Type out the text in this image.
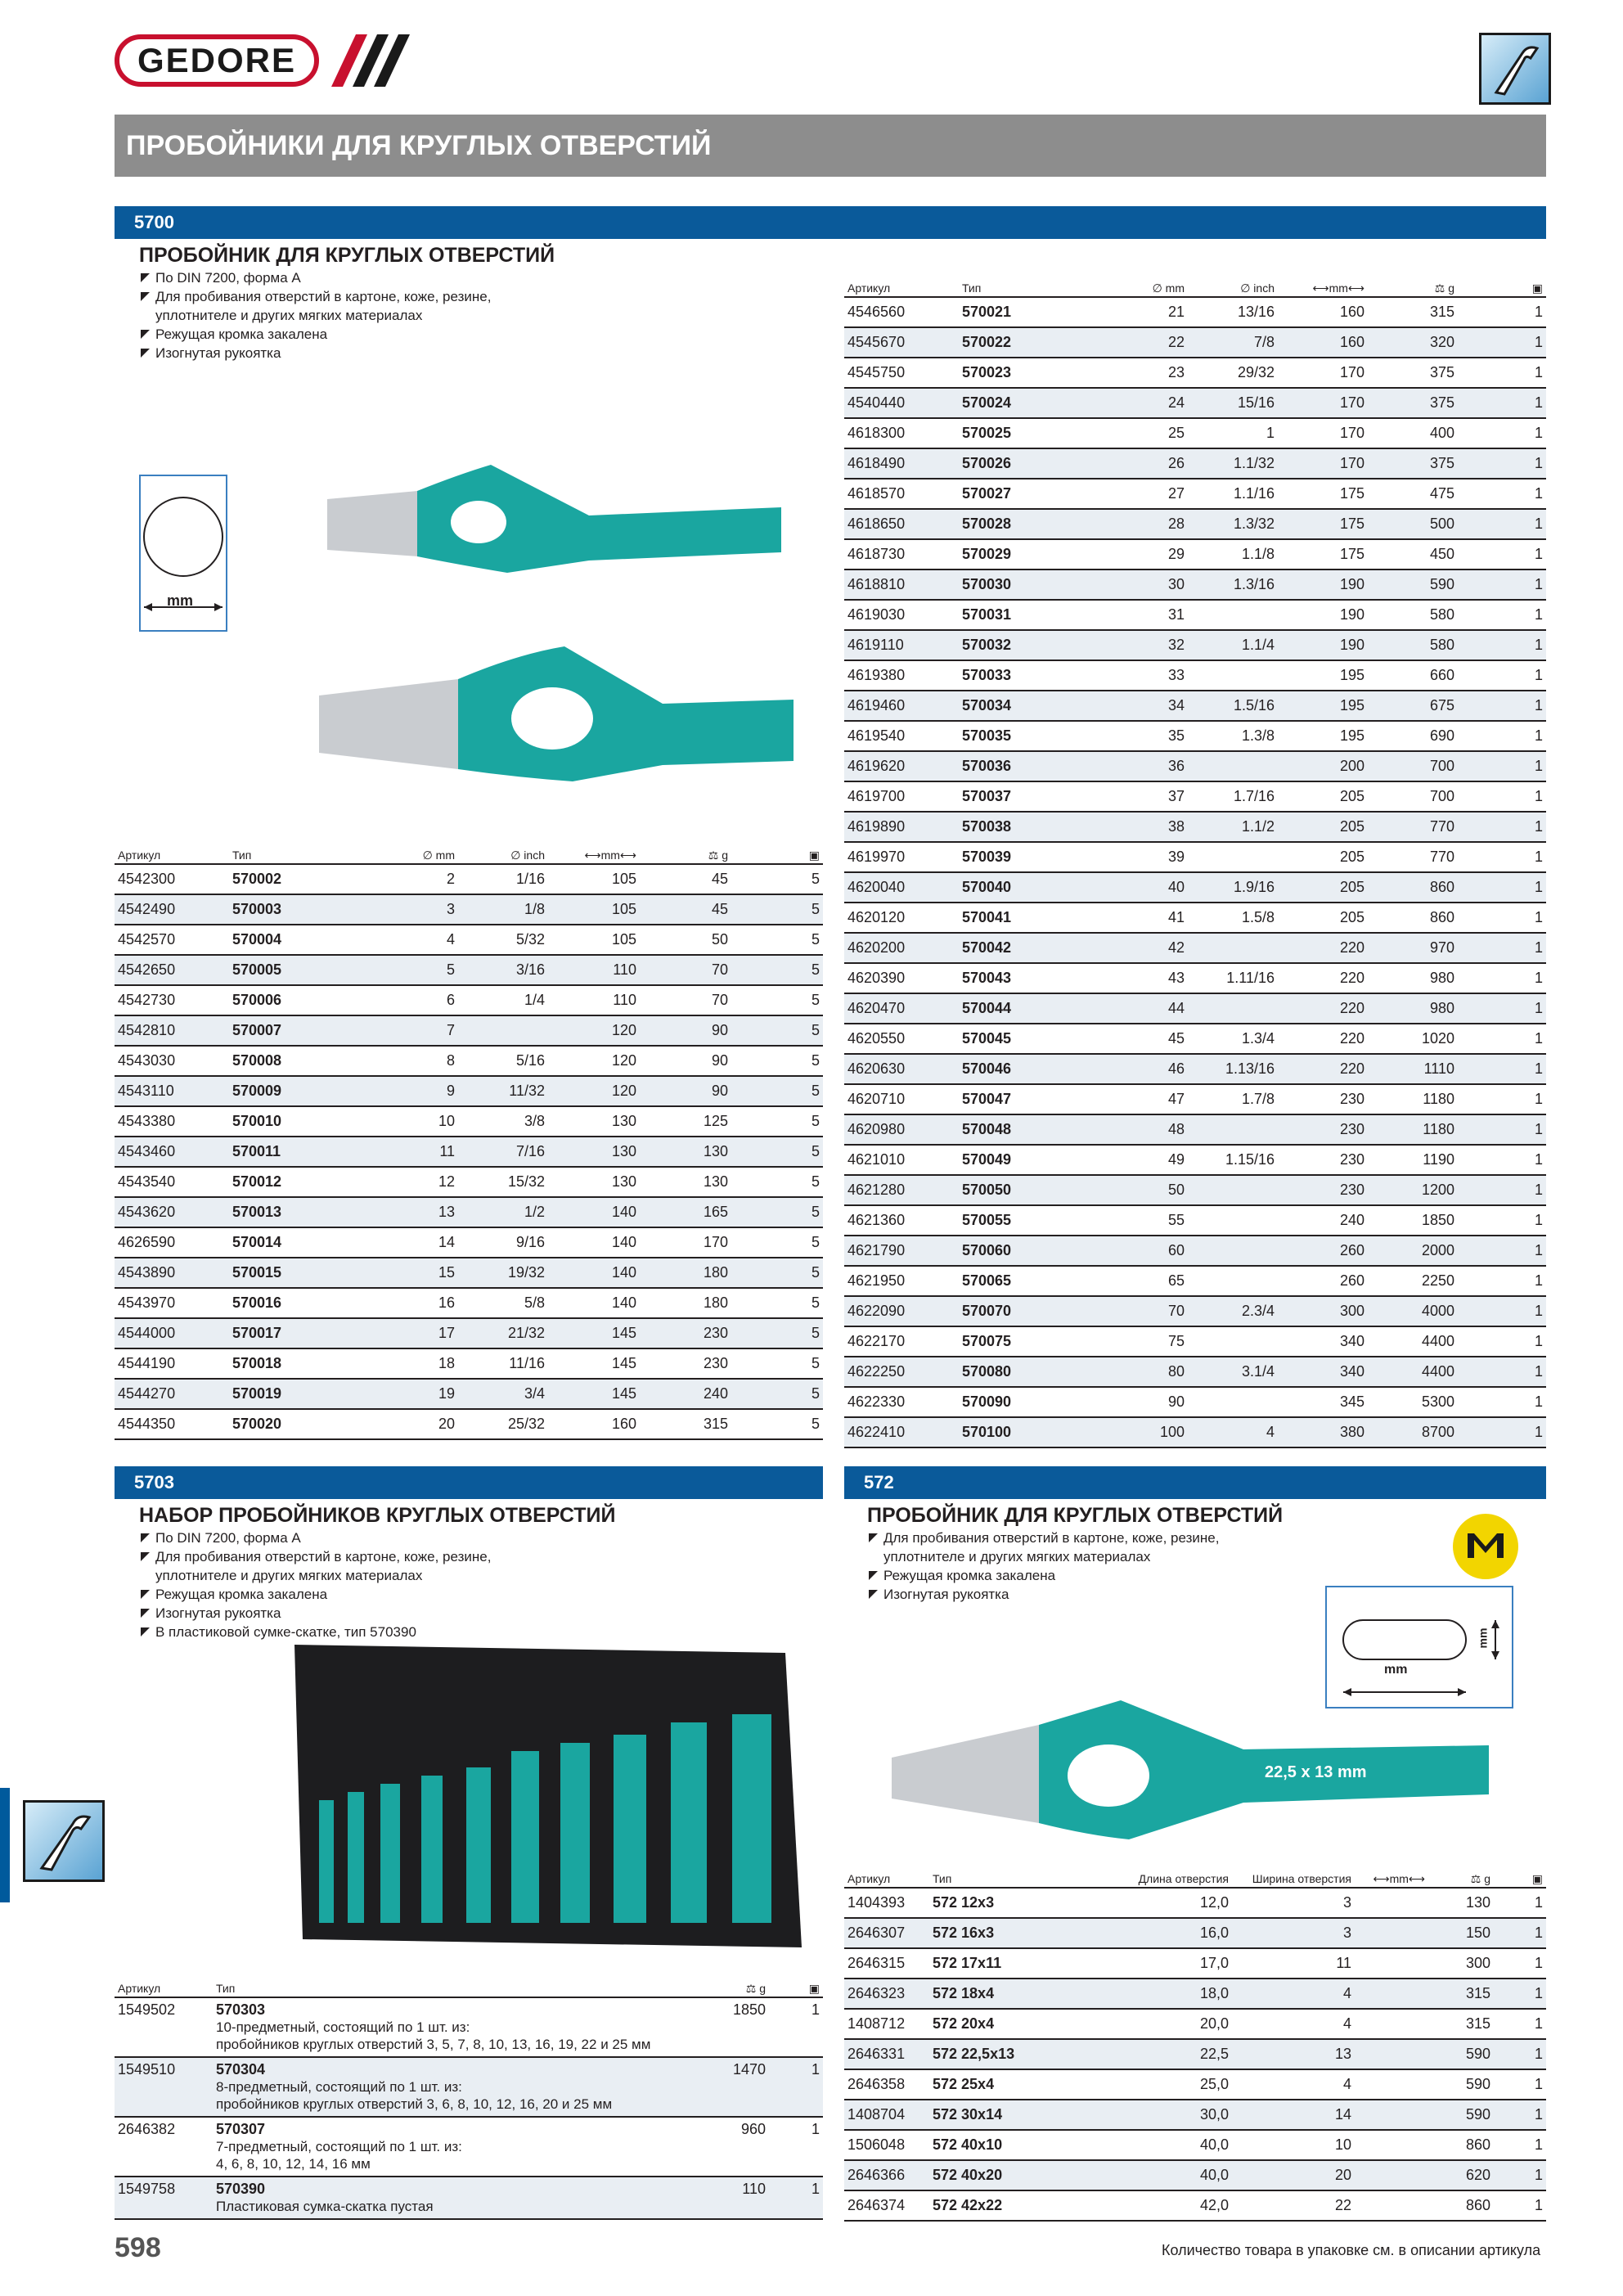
GEDORE
ПРОБОЙНИКИ ДЛЯ КРУГЛЫХ ОТВЕРСТИЙ
5700
ПРОБОЙНИК ДЛЯ КРУГЛЫХ ОТВЕРСТИЙ
По DIN 7200, форма A
Для пробивания отверстий в картоне, коже, резине,
уплотнителе и других мягких материалах
Режущая кромка закалена
Изогнутая рукоятка
mm
Артикул	Тип	∅ mm	∅ inch	⟷mm⟷	⚖ g	▣
4542300	570002	2	1/16	105	45	5
4542490	570003	3	1/8	105	45	5
4542570	570004	4	5/32	105	50	5
4542650	570005	5	3/16	110	70	5
4542730	570006	6	1/4	110	70	5
4542810	570007	7		120	90	5
4543030	570008	8	5/16	120	90	5
4543110	570009	9	11/32	120	90	5
4543380	570010	10	3/8	130	125	5
4543460	570011	11	7/16	130	130	5
4543540	570012	12	15/32	130	130	5
4543620	570013	13	1/2	140	165	5
4626590	570014	14	9/16	140	170	5
4543890	570015	15	19/32	140	180	5
4543970	570016	16	5/8	140	180	5
4544000	570017	17	21/32	145	230	5
4544190	570018	18	11/16	145	230	5
4544270	570019	19	3/4	145	240	5
4544350	570020	20	25/32	160	315	5
Артикул	Тип	∅ mm	∅ inch	⟷mm⟷	⚖ g	▣
4546560	570021	21	13/16	160	315	1
4545670	570022	22	7/8	160	320	1
4545750	570023	23	29/32	170	375	1
4540440	570024	24	15/16	170	375	1
4618300	570025	25	1	170	400	1
4618490	570026	26	1.1/32	170	375	1
4618570	570027	27	1.1/16	175	475	1
4618650	570028	28	1.3/32	175	500	1
4618730	570029	29	1.1/8	175	450	1
4618810	570030	30	1.3/16	190	590	1
4619030	570031	31		190	580	1
4619110	570032	32	1.1/4	190	580	1
4619380	570033	33		195	660	1
4619460	570034	34	1.5/16	195	675	1
4619540	570035	35	1.3/8	195	690	1
4619620	570036	36		200	700	1
4619700	570037	37	1.7/16	205	700	1
4619890	570038	38	1.1/2	205	770	1
4619970	570039	39		205	770	1
4620040	570040	40	1.9/16	205	860	1
4620120	570041	41	1.5/8	205	860	1
4620200	570042	42		220	970	1
4620390	570043	43	1.11/16	220	980	1
4620470	570044	44		220	980	1
4620550	570045	45	1.3/4	220	1020	1
4620630	570046	46	1.13/16	220	1110	1
4620710	570047	47	1.7/8	230	1180	1
4620980	570048	48		230	1180	1
4621010	570049	49	1.15/16	230	1190	1
4621280	570050	50		230	1200	1
4621360	570055	55		240	1850	1
4621790	570060	60		260	2000	1
4621950	570065	65		260	2250	1
4622090	570070	70	2.3/4	300	4000	1
4622170	570075	75		340	4400	1
4622250	570080	80	3.1/4	340	4400	1
4622330	570090	90		345	5300	1
4622410	570100	100	4	380	8700	1
5703
НАБОР ПРОБОЙНИКОВ КРУГЛЫХ ОТВЕРСТИЙ
По DIN 7200, форма A
Для пробивания отверстий в картоне, коже, резине,
уплотнителе и других мягких материалах
Режущая кромка закалена
Изогнутая рукоятка
В пластиковой сумке-скатке, тип 570390
Артикул	Тип	⚖ g	▣
1549502	570303
10-предметный, состоящий по 1 шт. из:
пробойников круглых отверстий 3, 5, 7, 8, 10, 13, 16, 19, 22 и 25 мм	1850	1
1549510	570304
8-предметный, состоящий по 1 шт. из:
пробойников круглых отверстий 3, 6, 8, 10, 12, 16, 20 и 25 мм	1470	1
2646382	570307
7-предметный, состоящий по 1 шт. из:
4, 6, 8, 10, 12, 14, 16 мм	960	1
1549758	570390
Пластиковая сумка-скатка пустая	110	1
572
ПРОБОЙНИК ДЛЯ КРУГЛЫХ ОТВЕРСТИЙ
Для пробивания отверстий в картоне, коже, резине,
уплотнителе и других мягких материалах
Режущая кромка закалена
Изогнутая рукоятка
mm
mm
22,5 x 13 mm
Артикул	Тип	Длина отверстия	Ширина отверстия	⟷mm⟷	⚖ g	▣
1404393	572 12x3	12,0	3		130	1
2646307	572 16x3	16,0	3		150	1
2646315	572 17x11	17,0	11		300	1
2646323	572 18x4	18,0	4		315	1
1408712	572 20x4	20,0	4		315	1
2646331	572 22,5x13	22,5	13		590	1
2646358	572 25x4	25,0	4		590	1
1408704	572 30x14	30,0	14		590	1
1506048	572 40x10	40,0	10		860	1
2646366	572 40x20	40,0	20		620	1
2646374	572 42x22	42,0	22		860	1
598	Количество товара в упаковке см. в описании артикула
